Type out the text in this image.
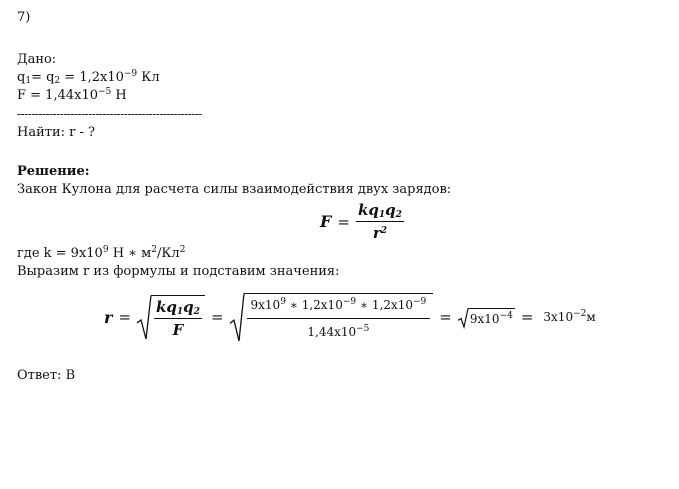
7)
Дано:
$q_1= q_2 = 1,2x10^{-9}$ Кл
$F = 1,44x10^{-5}$ Н
----------------------------------------------------
Найти: r - ?
Решение:
Закон Кулона для расчета силы взаимодействия двух зарядов:
$F = \frac{kq_1q_2}{r^2}$
где $k = 9x10^9$ Н ∗ $м^2/Кл^2$
Выразим r из формулы и подставим значения:
r =	$\frac{kq_1q_2}{F}$ =	$\frac{9x10^9 ∗ 1,2x10^{-9} ∗ 1,2x10^{-9}}{1,44x10^{-5}}$ =	$9x10^{-4} = 3x10^{-2}м$
Ответ: В
